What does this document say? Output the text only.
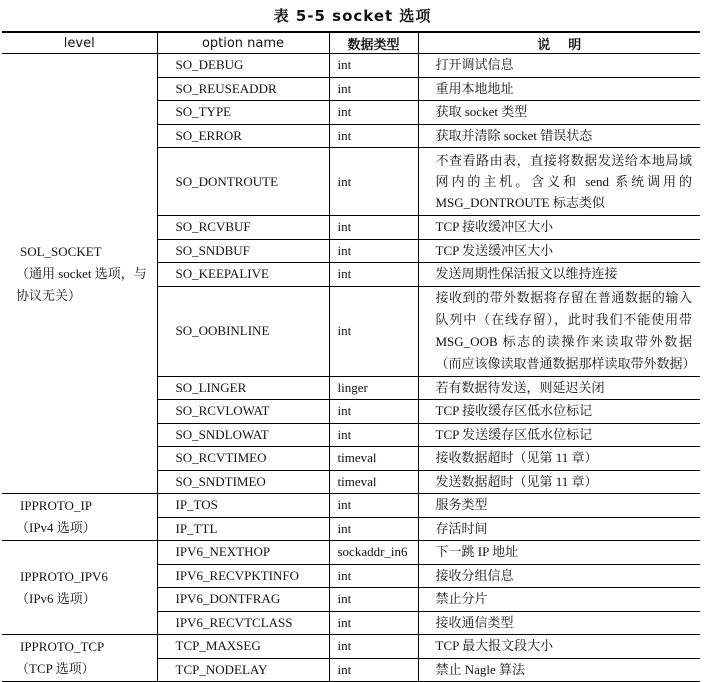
表 5-5 socket 选项
level	option name	数据类型	说    明

SOL_SOCKET
（通用 socket 选项，与协议无关）	SO_DEBUG	int	打开调试信息
	SO_REUSEADDR	int	重用本地地址
	SO_TYPE	int	获取 socket 类型
	SO_ERROR	int	获取并清除 socket 错误状态
	SO_DONTROUTE	int	不查看路由表，直接将数据发送给本地局域网内的主机。含义和 send 系统调用的 MSG_DONTROUTE 标志类似
	SO_RCVBUF	int	TCP 接收缓冲区大小
	SO_SNDBUF	int	TCP 发送缓冲区大小
	SO_KEEPALIVE	int	发送周期性保活报文以维持连接
	SO_OOBINLINE	int	接收到的带外数据将存留在普通数据的输入队列中（在线存留），此时我们不能使用带 MSG_OOB 标志的读操作来读取带外数据（而应该像读取普通数据那样读取带外数据）
	SO_LINGER	linger	若有数据待发送，则延迟关闭
	SO_RCVLOWAT	int	TCP 接收缓存区低水位标记
	SO_SNDLOWAT	int	TCP 发送缓存区低水位标记
	SO_RCVTIMEO	timeval	接收数据超时（见第 11 章）
	SO_SNDTIMEO	timeval	发送数据超时（见第 11 章）

IPPROTO_IP
（IPv4 选项）	IP_TOS	int	服务类型
	IP_TTL	int	存活时间

IPPROTO_IPV6
（IPv6 选项）	IPV6_NEXTHOP	sockaddr_in6	下一跳 IP 地址
	IPV6_RECVPKTINFO	int	接收分组信息
	IPV6_DONTFRAG	int	禁止分片
	IPV6_RECVTCLASS	int	接收通信类型

IPPROTO_TCP
（TCP 选项）	TCP_MAXSEG	int	TCP 最大报文段大小
	TCP_NODELAY	int	禁止 Nagle 算法
